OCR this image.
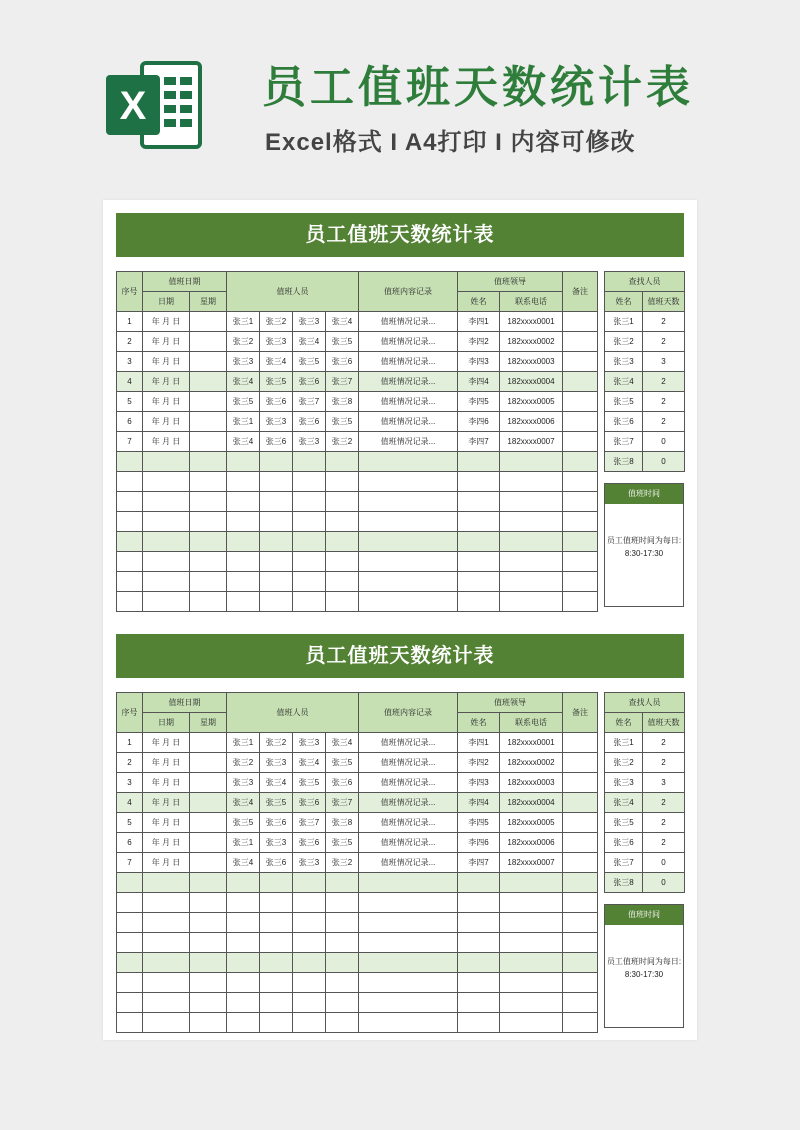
X	员工值班天数统计表
Excel格式 I A4打印 I 内容可修改
员工值班天数统计表
序号	值班日期		值班人员				值班内容记录	值班领导		备注
	日期	星期						姓名	联系电话	
1	年 月 日		张三1	张三2	张三3	张三4	值班情况记录...	李四1	182xxxx0001	
2	年 月 日		张三2	张三3	张三4	张三5	值班情况记录...	李四2	182xxxx0002	
3	年 月 日		张三3	张三4	张三5	张三6	值班情况记录...	李四3	182xxxx0003	
4	年 月 日		张三4	张三5	张三6	张三7	值班情况记录...	李四4	182xxxx0004	
5	年 月 日		张三5	张三6	张三7	张三8	值班情况记录...	李四5	182xxxx0005	
6	年 月 日		张三1	张三3	张三6	张三5	值班情况记录...	李四6	182xxxx0006	
7	年 月 日		张三4	张三6	张三3	张三2	值班情况记录...	李四7	182xxxx0007	

查找人员	
姓名	值班天数
张三1	2
张三2	2
张三3	3
张三4	2
张三5	2
张三6	2
张三7	0
张三8	0
值班时间
员工值班时间为每日:
8:30-17:30
员工值班天数统计表
序号	值班日期		值班人员				值班内容记录	值班领导		备注
	日期	星期						姓名	联系电话	
1	年 月 日		张三1	张三2	张三3	张三4	值班情况记录...	李四1	182xxxx0001	
2	年 月 日		张三2	张三3	张三4	张三5	值班情况记录...	李四2	182xxxx0002	
3	年 月 日		张三3	张三4	张三5	张三6	值班情况记录...	李四3	182xxxx0003	
4	年 月 日		张三4	张三5	张三6	张三7	值班情况记录...	李四4	182xxxx0004	
5	年 月 日		张三5	张三6	张三7	张三8	值班情况记录...	李四5	182xxxx0005	
6	年 月 日		张三1	张三3	张三6	张三5	值班情况记录...	李四6	182xxxx0006	
7	年 月 日		张三4	张三6	张三3	张三2	值班情况记录...	李四7	182xxxx0007	

查找人员	
姓名	值班天数
张三1	2
张三2	2
张三3	3
张三4	2
张三5	2
张三6	2
张三7	0
张三8	0
值班时间
员工值班时间为每日:
8:30-17:30
